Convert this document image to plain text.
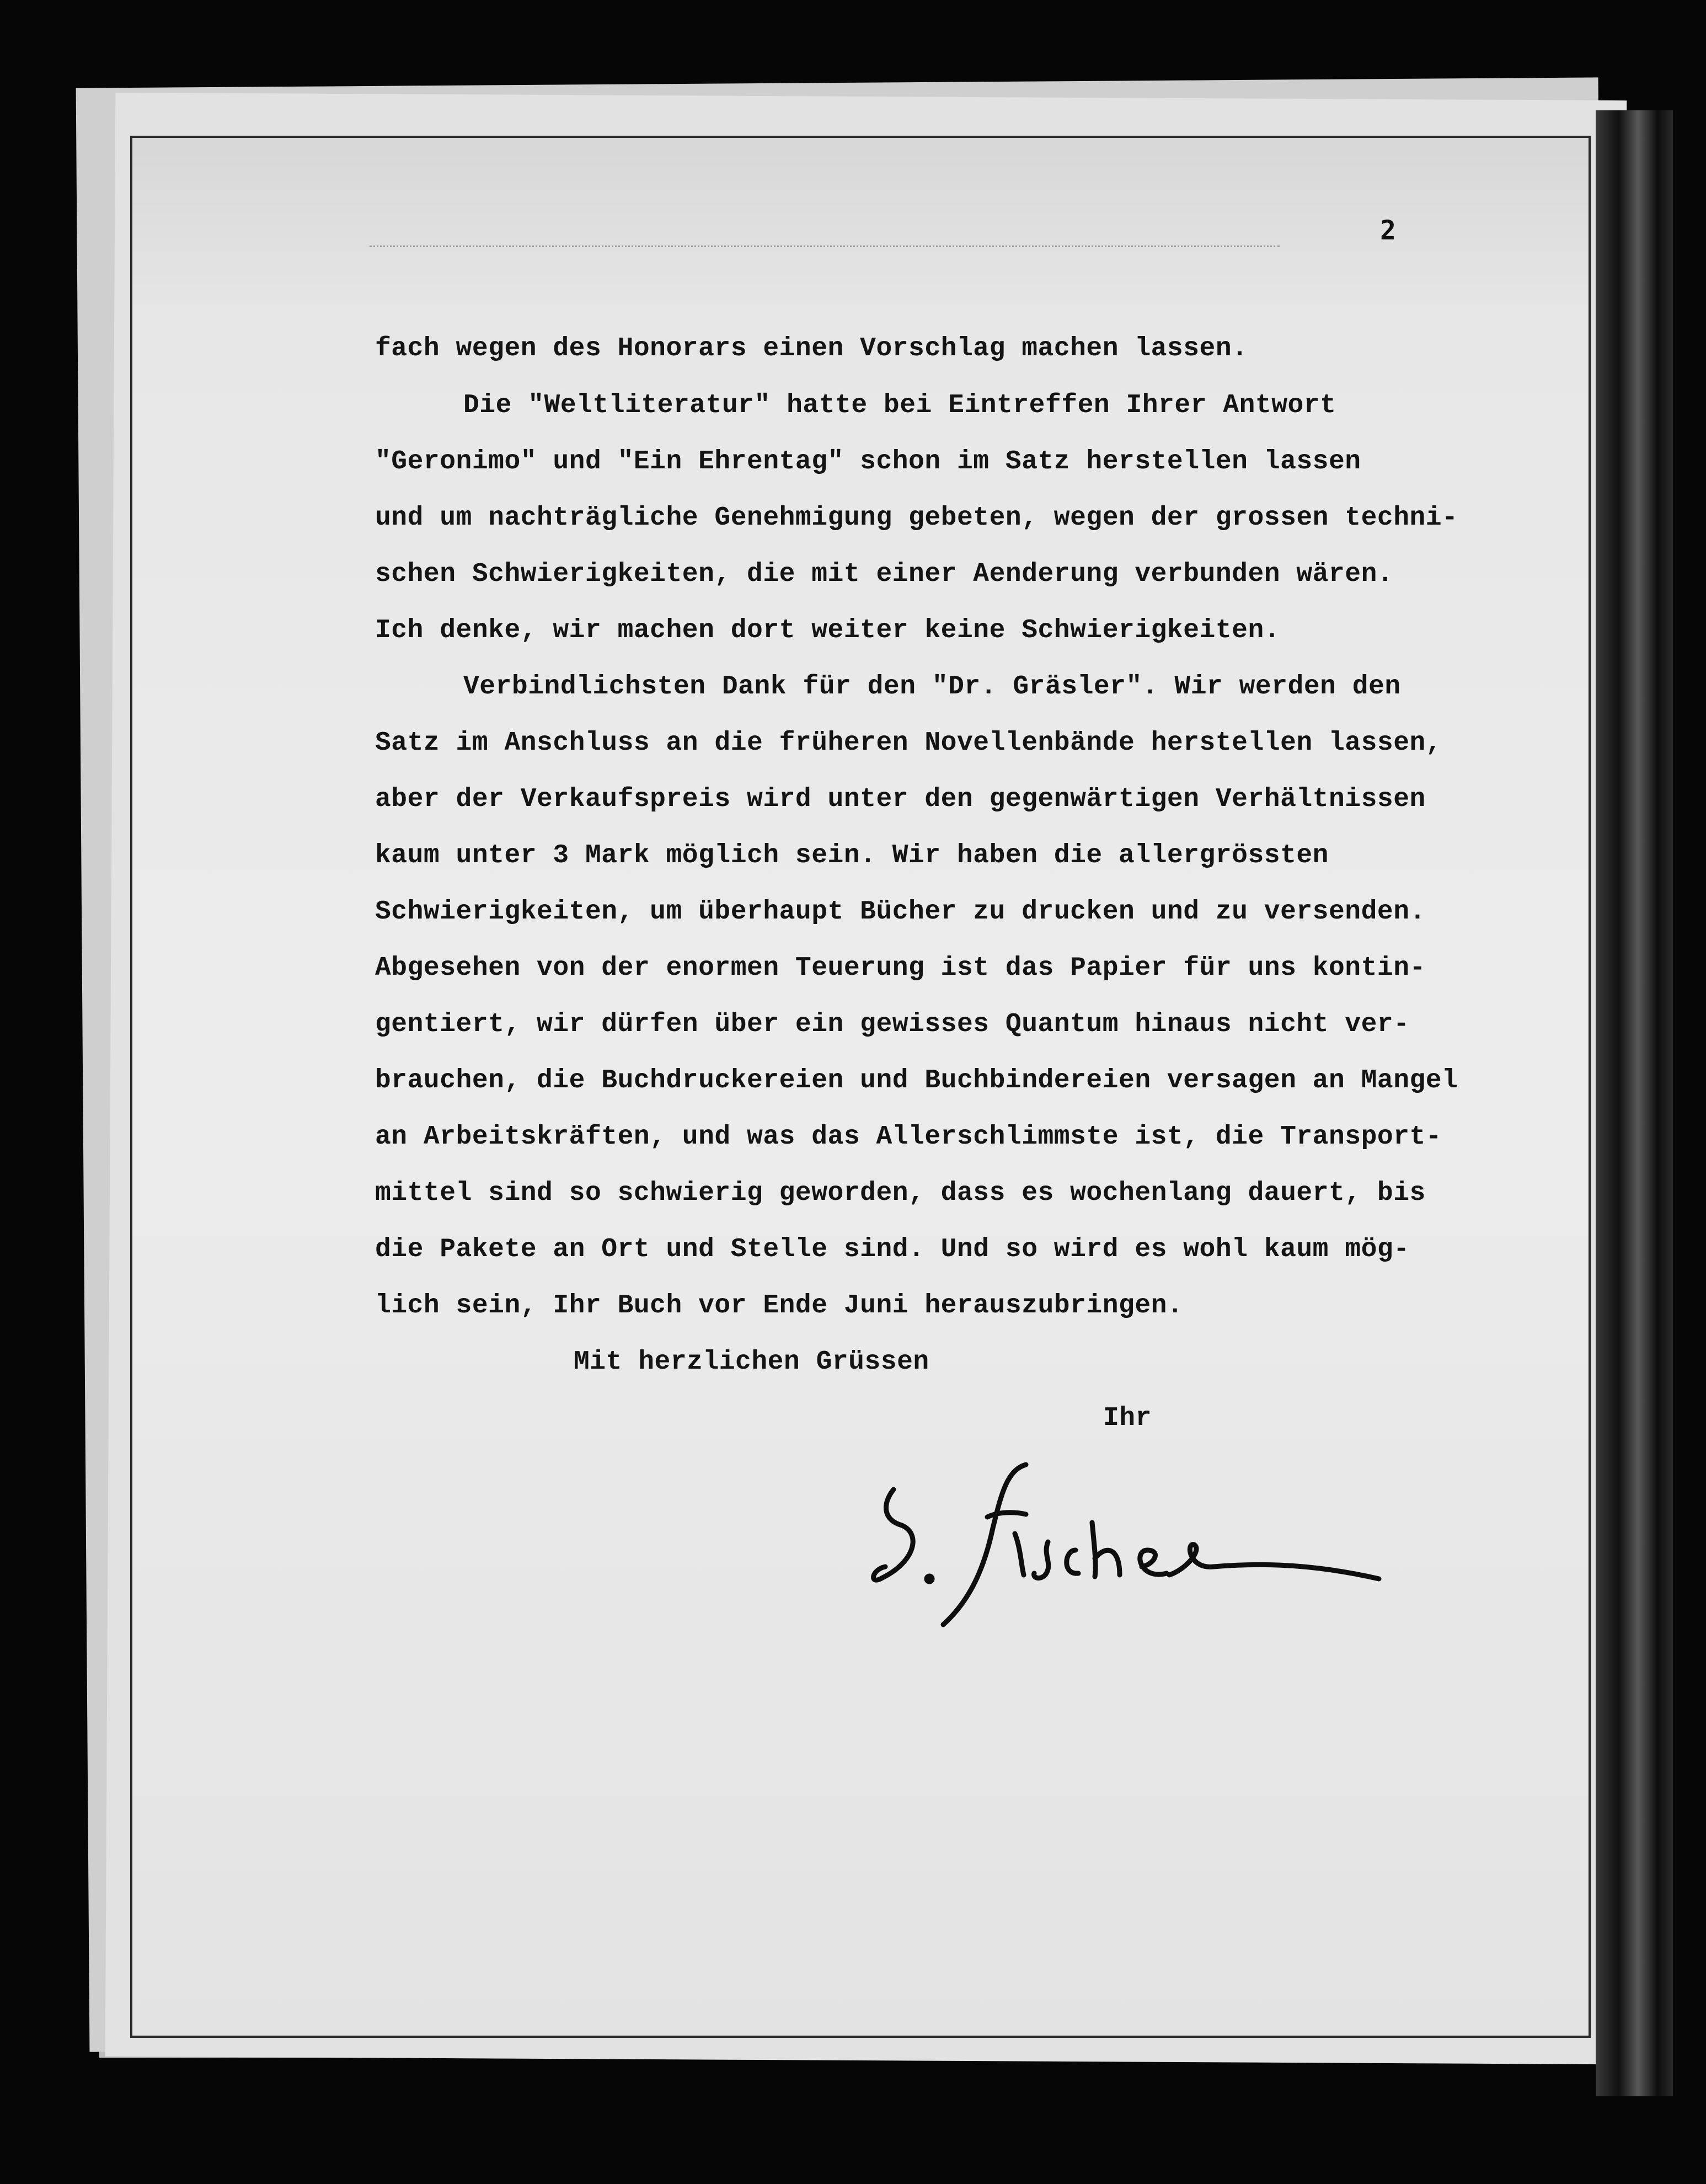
2
fach wegen des Honorars einen Vorschlag machen lassen.
Die "Weltliteratur" hatte bei Eintreffen Ihrer Antwort
"Geronimo" und "Ein Ehrentag" schon im Satz herstellen lassen
und um nachträgliche Genehmigung gebeten, wegen der grossen techni-
schen Schwierigkeiten, die mit einer Aenderung verbunden wären.
Ich denke, wir machen dort weiter keine Schwierigkeiten.
Verbindlichsten Dank für den "Dr. Gräsler". Wir werden den
Satz im Anschluss an die früheren Novellenbände herstellen lassen,
aber der Verkaufspreis wird unter den gegenwärtigen Verhältnissen
kaum unter 3 Mark möglich sein. Wir haben die allergrössten
Schwierigkeiten, um überhaupt Bücher zu drucken und zu versenden.
Abgesehen von der enormen Teuerung ist das Papier für uns kontin-
gentiert, wir dürfen über ein gewisses Quantum hinaus nicht ver-
brauchen, die Buchdruckereien und Buchbindereien versagen an Mangel
an Arbeitskräften, und was das Allerschlimmste ist, die Transport-
mittel sind so schwierig geworden, dass es wochenlang dauert, bis
die Pakete an Ort und Stelle sind. Und so wird es wohl kaum mög-
lich sein, Ihr Buch vor Ende Juni herauszubringen.
Mit herzlichen Grüssen
Ihr
